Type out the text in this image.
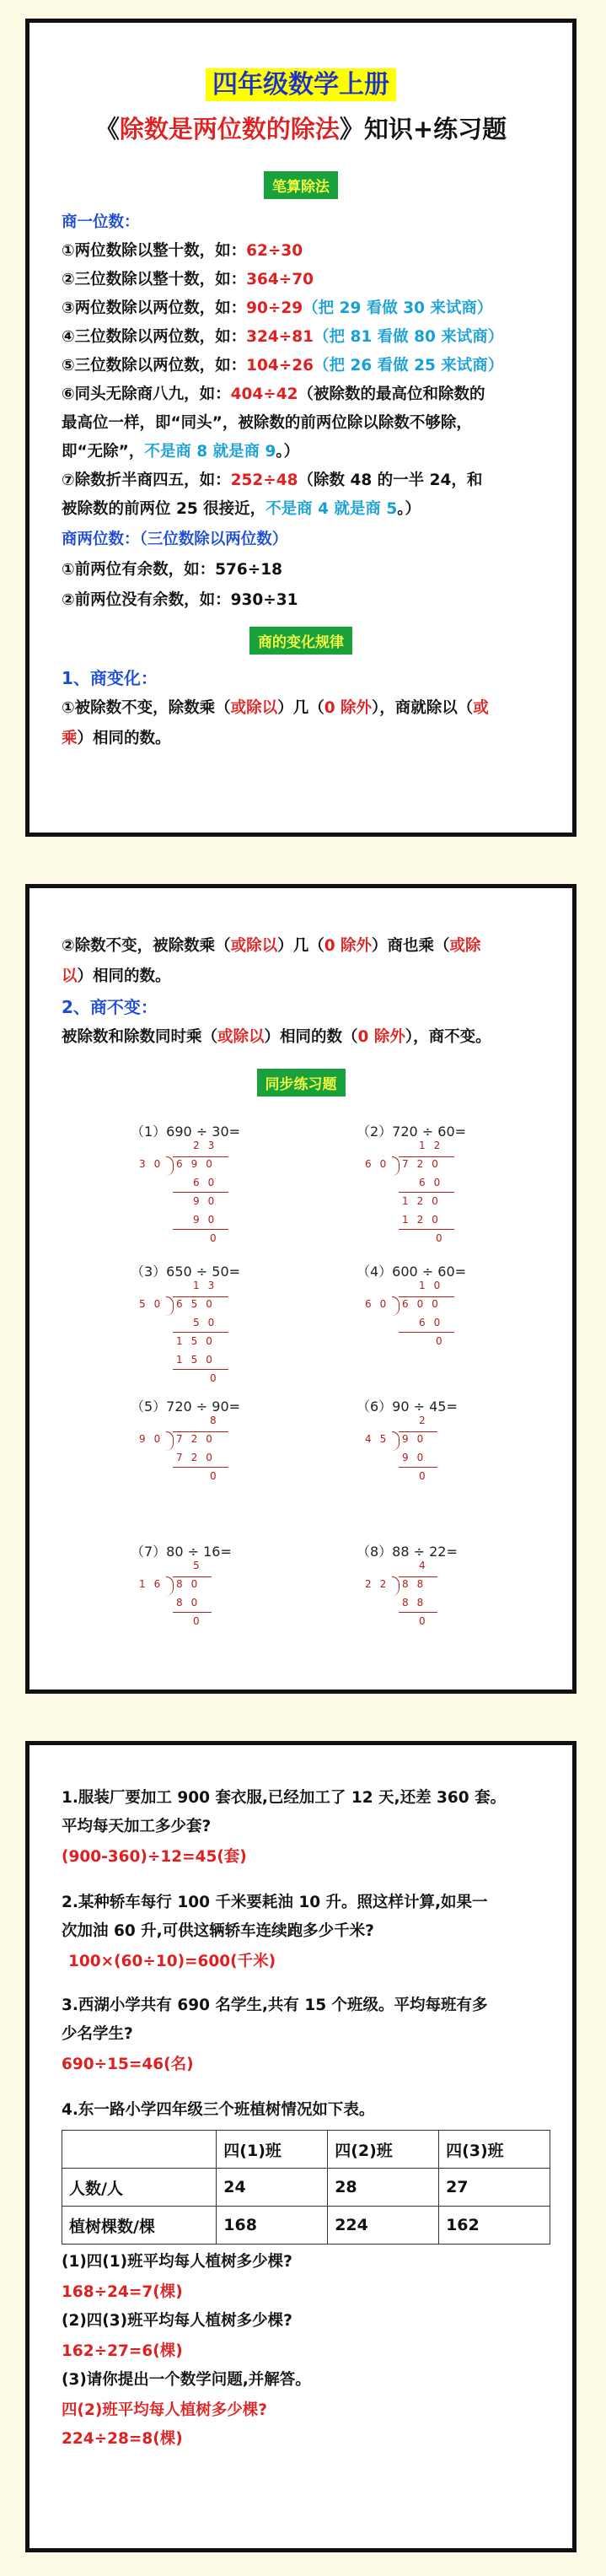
四年级数学上册
《除数是两位数的除法》知识+练习题
笔算除法
商一位数：
①两位数除以整十数，如：62÷30
②三位数除以整十数，如：364÷70
③两位数除以两位数，如：90÷29（把 29 看做 30 来试商）
④三位数除以两位数，如：324÷81（把 81 看做 80 来试商）
⑤三位数除以两位数，如：104÷26（把 26 看做 25 来试商）
⑥同头无除商八九，如：404÷42（被除数的最高位和除数的
最高位一样，即“同头”，被除数的前两位除以除数不够除，
即“无除”，不是商 8 就是商 9。）
⑦除数折半商四五，如：252÷48（除数 48 的一半 24，和
被除数的前两位 25 很接近，不是商 4 就是商 5。）
商两位数：（三位数除以两位数）
①前两位有余数，如：576÷18
②前两位没有余数，如：930÷31
商的变化规律
1、商变化：
①被除数不变，除数乘（或除以）几（0 除外），商就除以（或
乘）相同的数。
②除数不变，被除数乘（或除以）几（0 除外）商也乘（或除
以）相同的数。
2、商不变：
被除数和除数同时乘（或除以）相同的数（0 除外），商不变。
同步练习题
（1）690 ÷ 30=	（2）720 ÷ 60=
（3）650 ÷ 50=	（4）600 ÷ 60=
（5）720 ÷ 90=	（6）90 ÷ 45=
（7）80 ÷ 16=	（8）88 ÷ 22=
23
30 690
60
90
90
0
12
60 720
60
120
120
0
13
50 650
50
150
150
0
10
60 600
60
0
8
90 720
720
0
2
45 90
90
0
5
16 80
80
0
4
22 88
88
0
1.服装厂要加工 900 套衣服,已经加工了 12 天,还差 360 套。
平均每天加工多少套?
(900-360)÷12=45(套)
2.某种轿车每行 100 千米要耗油 10 升。照这样计算,如果一
次加油 60 升,可供这辆轿车连续跑多少千米?
100×(60÷10)=600(千米)
3.西湖小学共有 690 名学生,共有 15 个班级。平均每班有多
少名学生?
690÷15=46(名)
4.东一路小学四年级三个班植树情况如下表。
	四(1)班	四(2)班	四(3)班
人数/人	24	28	27
植树棵数/棵	168	224	162
(1)四(1)班平均每人植树多少棵?
168÷24=7(棵)
(2)四(3)班平均每人植树多少棵?
162÷27=6(棵)
(3)请你提出一个数学问题,并解答。
四(2)班平均每人植树多少棵?
224÷28=8(棵)
